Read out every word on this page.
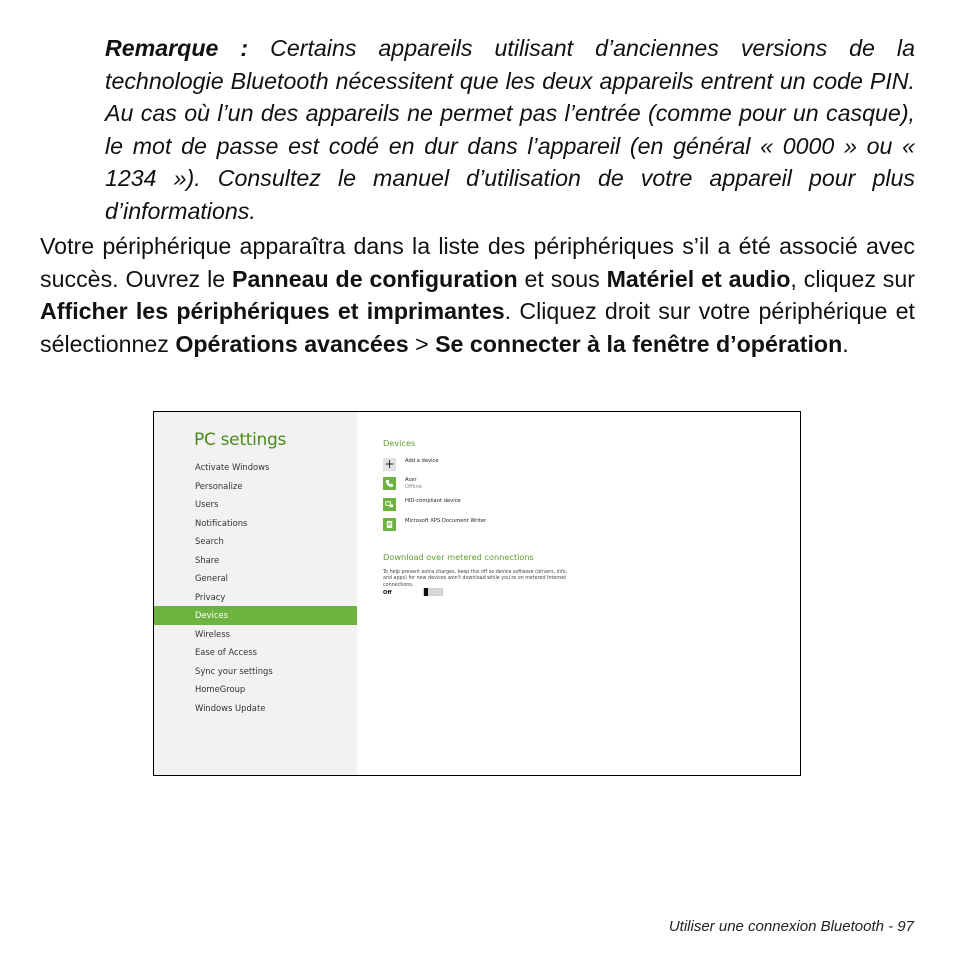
Remarque : Certains appareils utilisant d’anciennes versions de la technologie Bluetooth nécessitent que les deux appareils entrent un code PIN. Au cas où l’un des appareils ne permet pas l’entrée (comme pour un casque), le mot de passe est codé en dur dans l’appareil (en général « 0000 » ou « 1234 »). Consultez le manuel d’utilisation de votre appareil pour plus d’informations.

Votre périphérique apparaîtra dans la liste des périphériques s’il a été associé avec succès. Ouvrez le Panneau de configuration et sous Matériel et audio, cliquez sur Afficher les périphériques et imprimantes. Cliquez droit sur votre périphérique et sélectionnez Opérations avancées > Se connecter à la fenêtre d’opération.

PC settings
Activate Windows
Personalize
Users
Notifications
Search
Share
General
Privacy
Devices
Wireless
Ease of Access
Sync your settings
HomeGroup
Windows Update
Devices
+ Add a device
Acer
Offline
HID-compliant device
Microsoft XPS Document Writer
Download over metered connections
To help prevent extra charges, keep this off so device software (drivers, info, and apps) for new devices won't download while you're on metered Internet connections.
Off
Utiliser une connexion Bluetooth - 97
